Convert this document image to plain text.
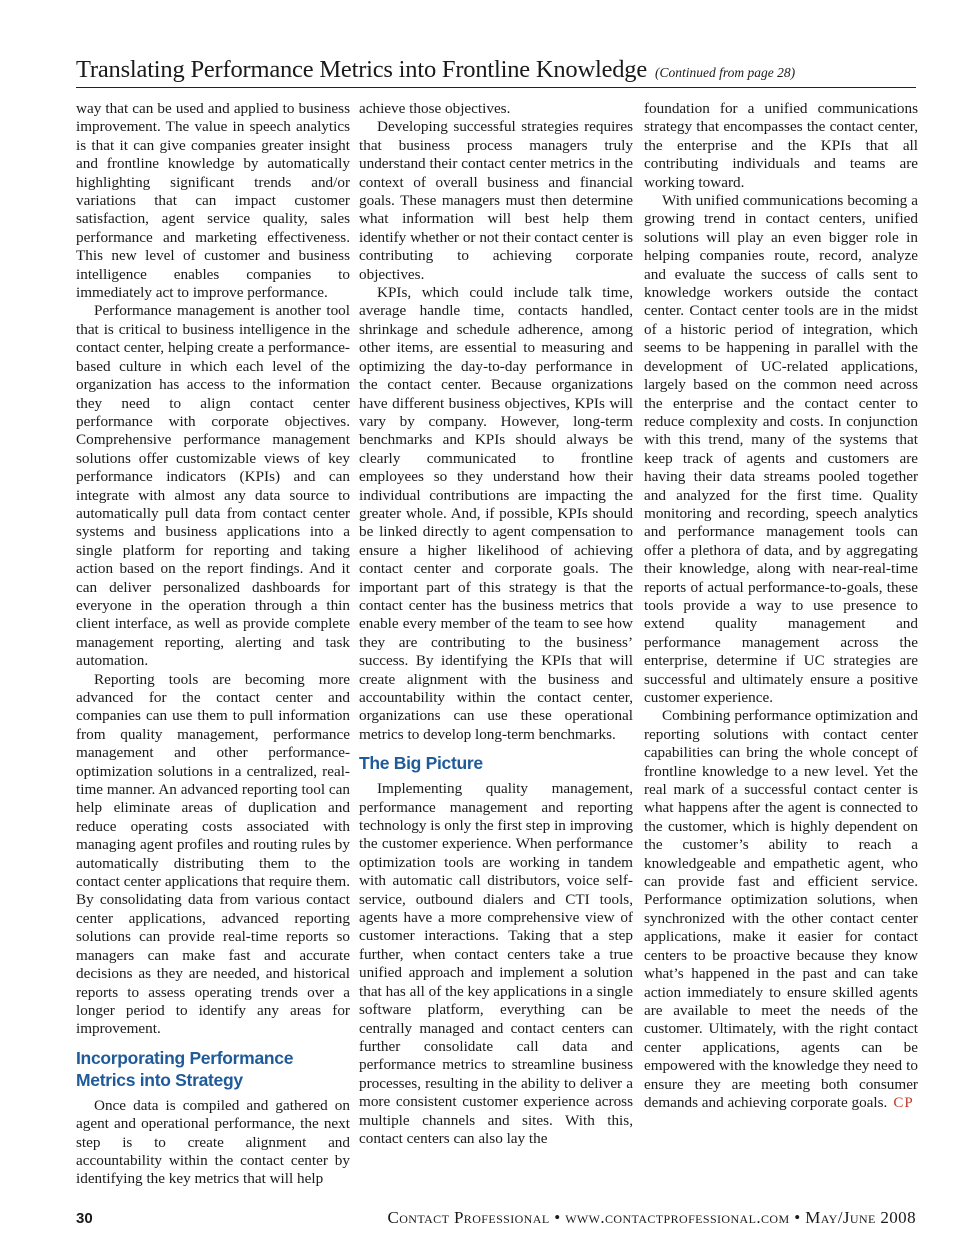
Translating Performance Metrics into Frontline Knowledge (Continued from page 28)

way that can be used and applied to business improvement. The value in speech analytics is that it can give companies greater insight and frontline knowledge by automatically highlighting significant trends and/or variations that can impact customer satisfaction, agent service quality, sales performance and marketing effectiveness. This new level of customer and business intelligence enables companies to immediately act to improve performance.

Performance management is another tool that is critical to business intelligence in the contact center, helping create a performance-based culture in which each level of the organization has access to the information they need to align contact center performance with corporate objectives. Comprehensive performance management solutions offer customizable views of key performance indicators (KPIs) and can integrate with almost any data source to automatically pull data from contact center systems and business applications into a single platform for reporting and taking action based on the report findings. And it can deliver personalized dashboards for everyone in the operation through a thin client interface, as well as provide complete management reporting, alerting and task automation.

Reporting tools are becoming more advanced for the contact center and companies can use them to pull information from quality management, performance management and other performance-optimization solutions in a centralized, real-time manner. An advanced reporting tool can help eliminate areas of duplication and reduce operating costs associated with managing agent profiles and routing rules by automatically distributing them to the contact center applications that require them. By consolidating data from various contact center applications, advanced reporting solutions can provide real-time reports so managers can make fast and accurate decisions as they are needed, and historical reports to assess operating trends over a longer period to identify any areas for improvement.

Incorporating Performance Metrics into Strategy

Once data is compiled and gathered on agent and operational performance, the next step is to create alignment and accountability within the contact center by identifying the key metrics that will help

achieve those objectives.

Developing successful strategies requires that business process managers truly understand their contact center metrics in the context of overall business and financial goals. These managers must then determine what information will best help them identify whether or not their contact center is contributing to achieving corporate objectives.

KPIs, which could include talk time, average handle time, contacts handled, shrinkage and schedule adherence, among other items, are essential to measuring and optimizing the day-to-day performance in the contact center. Because organizations have different business objectives, KPIs will vary by company. However, long-term benchmarks and KPIs should always be clearly communicated to frontline employees so they understand how their individual contributions are impacting the greater whole. And, if possible, KPIs should be linked directly to agent compensation to ensure a higher likelihood of achieving contact center and corporate goals. The important part of this strategy is that the contact center has the business metrics that enable every member of the team to see how they are contributing to the business’ success. By identifying the KPIs that will create alignment with the business and accountability within the contact center, organizations can use these operational metrics to develop long-term benchmarks.

The Big Picture

Implementing quality management, performance management and reporting technology is only the first step in improving the customer experience. When performance optimization tools are working in tandem with automatic call distributors, voice self-service, outbound dialers and CTI tools, agents have a more comprehensive view of customer interactions. Taking that a step further, when contact centers take a true unified approach and implement a solution that has all of the key applications in a single software platform, everything can be centrally managed and contact centers can further consolidate call data and performance metrics to streamline business processes, resulting in the ability to deliver a more consistent customer experience across multiple channels and sites. With this, contact centers can also lay the

foundation for a unified communications strategy that encompasses the contact center, the enterprise and the KPIs that all contributing individuals and teams are working toward.

With unified communications becoming a growing trend in contact centers, unified solutions will play an even bigger role in helping companies route, record, analyze and evaluate the success of calls sent to knowledge workers outside the contact center. Contact center tools are in the midst of a historic period of integration, which seems to be happening in parallel with the development of UC-related applications, largely based on the common need across the enterprise and the contact center to reduce complexity and costs. In conjunction with this trend, many of the systems that keep track of agents and customers are having their data streams pooled together and analyzed for the first time. Quality monitoring and recording, speech analytics and performance management tools can offer a plethora of data, and by aggregating their knowledge, along with near-real-time reports of actual performance-to-goals, these tools provide a way to use presence to extend quality management and performance management across the enterprise, determine if UC strategies are successful and ultimately ensure a positive customer experience.

Combining performance optimization and reporting solutions with contact center capabilities can bring the whole concept of frontline knowledge to a new level. Yet the real mark of a successful contact center is what happens after the agent is connected to the customer, which is highly dependent on the customer’s ability to reach a knowledgeable and empathetic agent, who can provide fast and efficient service. Performance optimization solutions, when synchronized with the other contact center applications, make it easier for contact centers to be proactive because they know what’s happened in the past and can take action immediately to ensure skilled agents are available to meet the needs of the customer. Ultimately, with the right contact center applications, agents can be empowered with the knowledge they need to ensure they are meeting both consumer demands and achieving corporate goals. CP

30	Contact Professional • www.contactprofessional.com • May/June 2008
